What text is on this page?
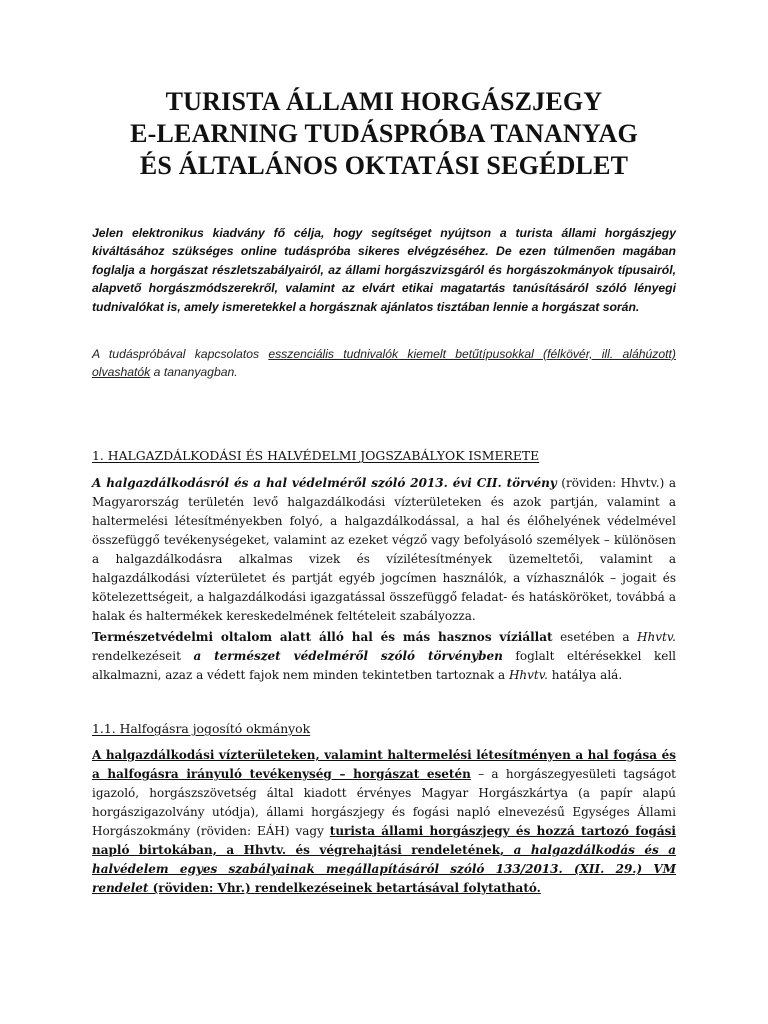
TURISTA ÁLLAMI HORGÁSZJEGY
E-LEARNING TUDÁSPRÓBA TANANYAG
ÉS ÁLTALÁNOS OKTATÁSI SEGÉDLET
Jelen elektronikus kiadvány fő célja, hogy segítséget nyújtson a turista állami horgászjegy kiváltásához szükséges online tudáspróba sikeres elvégzéséhez. De ezen túlmenően magában foglalja a horgászat részletszabályairól, az állami horgászvizsgáról és horgászokmányok típusairól, alapvető horgászmódszerekről, valamint az elvárt etikai magatartás tanúsításáról szóló lényegi tudnivalókat is, amely ismeretekkel a horgásznak ajánlatos tisztában lennie a horgászat során.
A tudáspróbával kapcsolatos esszenciális tudnivalók kiemelt betűtípusokkal (félkövér, ill. aláhúzott) olvashatók a tananyagban.
1. HALGAZDÁLKODÁSI ÉS HALVÉDELMI JOGSZABÁLYOK ISMERETE
A halgazdálkodásról és a hal védelméről szóló 2013. évi CII. törvény (röviden: Hhvtv.) a Magyarország területén levő halgazdálkodási vízterületeken és azok partján, valamint a haltermelési létesítményekben folyó, a halgazdálkodással, a hal és élőhelyének védelmével összefüggő tevékenységeket, valamint az ezeket végző vagy befolyásoló személyek – különösen a halgazdálkodásra alkalmas vizek és vízilétesítmények üzemeltetői, valamint a halgazdálkodási vízterületet és partját egyéb jogcímen használók, a vízhasználók – jogait és kötelezettségeit, a halgazdálkodási igazgatással összefüggő feladat- és hatásköröket, továbbá a halak és haltermékek kereskedelmének feltételeit szabályozza.
Természetvédelmi oltalom alatt álló hal és más hasznos víziállat esetében a Hhvtv. rendelkezéseit a természet védelméről szóló törvényben foglalt eltérésekkel kell alkalmazni, azaz a védett fajok nem minden tekintetben tartoznak a Hhvtv. hatálya alá.
1.1. Halfogásra jogosító okmányok
A halgazdálkodási vízterületeken, valamint haltermelési létesítményen a hal fogása és a halfogásra irányuló tevékenység – horgászat esetén – a horgászegyesületi tagságot igazoló, horgászszövetség által kiadott érvényes Magyar Horgászkártya (a papír alapú horgászigazolvány utódja), állami horgászjegy és fogási napló elnevezésű Egységes Állami Horgászokmány (röviden: EÁH) vagy turista állami horgászjegy és hozzá tartozó fogási napló birtokában, a Hhvtv. és végrehajtási rendeletének, a halgazdálkodás és a halvédelem egyes szabályainak megállapításáról szóló 133/2013. (XII. 29.) VM rendelet (röviden: Vhr.) rendelkezéseinek betartásával folytatható.
